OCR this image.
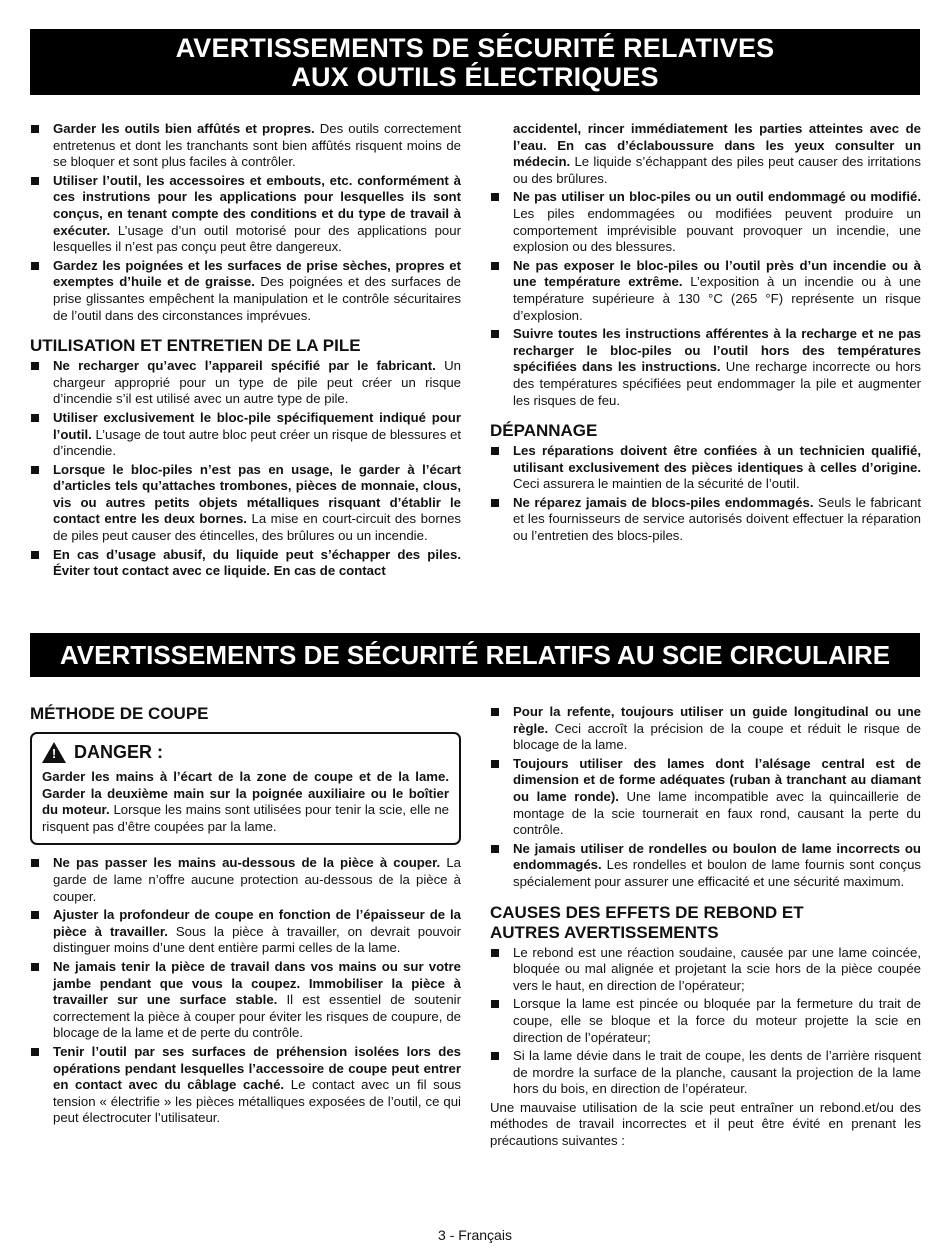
AVERTISSEMENTS DE SÉCURITÉ RELATIVES
AUX OUTILS ÉLECTRIQUES
Garder les outils bien affûtés et propres. Des outils correctement entretenus et dont les tranchants sont bien affûtés risquent moins de se bloquer et sont plus faciles à contrôler.
Utiliser l’outil, les accessoires et embouts, etc. conformément à ces instrutions pour les applications pour lesquelles ils sont conçus, en tenant compte des conditions et du type de travail à exécuter. L’usage d’un outil motorisé pour des applications pour lesquelles il n’est pas conçu peut être dangereux.
Gardez les poignées et les surfaces de prise sèches, propres et exemptes d’huile et de graisse. Des poignées et des surfaces de prise glissantes empêchent la manipulation et le contrôle sécuritaires de l’outil dans des circonstances imprévues.
UTILISATION ET ENTRETIEN DE LA PILE
Ne recharger qu’avec l’appareil spécifié par le fabricant. Un chargeur approprié pour un type de pile peut créer un risque d’incendie s’il est utilisé avec un autre type de pile.
Utiliser exclusivement le bloc-pile spécifiquement indiqué pour l’outil. L’usage de tout autre bloc peut créer un risque de blessures et d’incendie.
Lorsque le bloc-piles n’est pas en usage, le garder à l’écart d’articles tels qu’attaches trombones, pièces de monnaie, clous, vis ou autres petits objets métalliques risquant d’établir le contact entre les deux bornes. La mise en court-circuit des bornes de piles peut causer des étincelles, des brûlures ou un incendie.
En cas d’usage abusif, du liquide peut s’échapper des piles. Éviter tout contact avec ce liquide. En cas de contact
accidentel, rincer immédiatement les parties atteintes avec de l’eau. En cas d’éclaboussure dans les yeux consulter un médecin. Le liquide s’échappant des piles peut causer des irritations ou des brûlures.
Ne pas utiliser un bloc-piles ou un outil endommagé ou modifié. Les piles endommagées ou modifiées peuvent produire un comportement imprévisible pouvant provoquer un incendie, une explosion ou des blessures.
Ne pas exposer le bloc-piles ou l’outil près d’un incendie ou à une température extrême. L’exposition à un incendie ou à une température supérieure à 130 °C (265 °F) représente un risque d’explosion.
Suivre toutes les instructions afférentes à la recharge et ne pas recharger le bloc-piles ou l’outil hors des températures spécifiées dans les instructions. Une recharge incorrecte ou hors des températures spécifiées peut endommager la pile et augmenter les risques de feu.
DÉPANNAGE
Les réparations doivent être confiées à un technicien qualifié, utilisant exclusivement des pièces identiques à celles d’origine. Ceci assurera le maintien de la sécurité de l’outil.
Ne réparez jamais de blocs-piles endommagés. Seuls le fabricant et les fournisseurs de service autorisés doivent effectuer la réparation ou l’entretien des blocs-piles.
AVERTISSEMENTS DE SÉCURITÉ RELATIFS AU SCIE CIRCULAIRE
MÉTHODE DE COUPE
! DANGER :
Garder les mains à l’écart de la zone de coupe et de la lame. Garder la deuxième main sur la poignée auxiliaire ou le boîtier du moteur. Lorsque les mains sont utilisées pour tenir la scie, elle ne risquent pas d’être coupées par la lame.
Ne pas passer les mains au-dessous de la pièce à couper. La garde de lame n’offre aucune protection au-dessous de la pièce à couper.
Ajuster la profondeur de coupe en fonction de l’épaisseur de la pièce à travailler. Sous la pièce à travailler, on devrait pouvoir distinguer moins d’une dent entière parmi celles de la lame.
Ne jamais tenir la pièce de travail dans vos mains ou sur votre jambe pendant que vous la coupez. Immobiliser la pièce à travailler sur une surface stable. Il est essentiel de soutenir correctement la pièce à couper pour éviter les risques de coupure, de blocage de la lame et de perte du contrôle.
Tenir l’outil par ses surfaces de préhension isolées lors des opérations pendant lesquelles l’accessoire de coupe peut entrer en contact avec du câblage caché. Le contact avec un fil sous tension « électrifie » les pièces métalliques exposées de l’outil, ce qui peut électrocuter l’utilisateur.
Pour la refente, toujours utiliser un guide longitudinal ou une règle. Ceci accroît la précision de la coupe et réduit le risque de blocage de la lame.
Toujours utiliser des lames dont l’alésage central est de dimension et de forme adéquates (ruban à tranchant au diamant ou lame ronde). Une lame incompatible avec la quincaillerie de montage de la scie tournerait en faux rond, causant la perte du contrôle.
Ne jamais utiliser de rondelles ou boulon de lame incorrects ou endommagés. Les rondelles et boulon de lame fournis sont conçus spécialement pour assurer une efficacité et une sécurité maximum.
CAUSES DES EFFETS DE REBOND ET
AUTRES AVERTISSEMENTS
Le rebond est une réaction soudaine, causée par une lame coincée, bloquée ou mal alignée et projetant la scie hors de la pièce coupée vers le haut, en direction de l’opérateur;
Lorsque la lame est pincée ou bloquée par la fermeture du trait de coupe, elle se bloque et la force du moteur projette la scie en direction de l’opérateur;
Si la lame dévie dans le trait de coupe, les dents de l’arrière risquent de mordre la surface de la planche, causant la projection de la lame hors du bois, en direction de l’opérateur.

Une mauvaise utilisation de la scie peut entraîner un rebond.et/ou des méthodes de travail incorrectes et il peut être évité en prenant les précautions suivantes :

3 - Français
